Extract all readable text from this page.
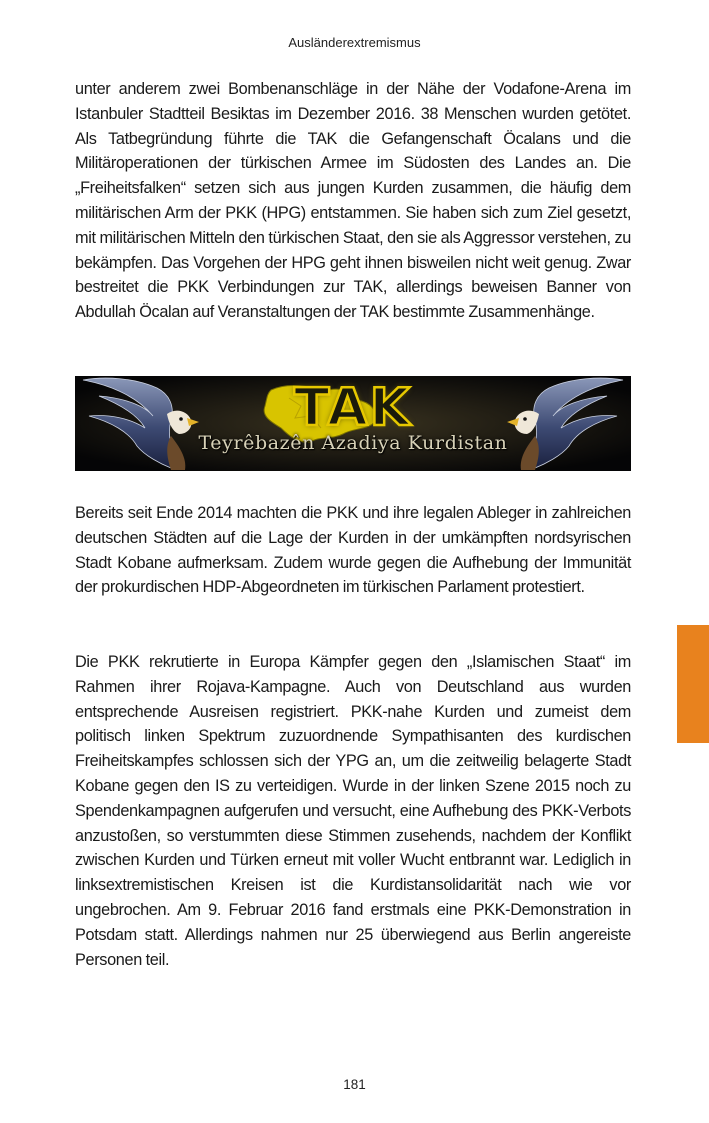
Ausländerextremismus

unter anderem zwei Bombenanschläge in der Nähe der Vodafone-Arena im Istanbuler Stadtteil Besiktas im Dezember 2016. 38 Menschen wurden getötet. Als Tatbegründung führte die TAK die Gefangenschaft Öcalans und die Militäroperationen der türkischen Armee im Südosten des Landes an. Die „Freiheitsfalken“ setzen sich aus jungen Kurden zusammen, die häufig dem militärischen Arm der PKK (HPG) entstammen. Sie haben sich zum Ziel gesetzt, mit militärischen Mitteln den türkischen Staat, den sie als Aggressor verstehen, zu bekämpfen. Das Vorgehen der HPG geht ihnen bisweilen nicht weit genug. Zwar bestreitet die PKK Verbindungen zur TAK, allerdings beweisen Banner von Abdullah Öcalan auf Veranstaltungen der TAK bestimmte Zusammenhänge.

TAK
Teyrêbazên Azadiya Kurdistan

Bereits seit Ende 2014 machten die PKK und ihre legalen Ableger in zahlreichen deutschen Städten auf die Lage der Kurden in der umkämpften nordsyrischen Stadt Kobane aufmerksam. Zudem wurde gegen die Aufhebung der Immunität der prokurdischen HDP-Abgeordneten im türkischen Parlament protestiert.

Die PKK rekrutierte in Europa Kämpfer gegen den „Islamischen Staat“ im Rahmen ihrer Rojava-Kampagne. Auch von Deutschland aus wurden entsprechende Ausreisen registriert. PKK-nahe Kurden und zumeist dem politisch linken Spektrum zuzuordnende Sympathisanten des kurdischen Freiheitskampfes schlossen sich der YPG an, um die zeitweilig belagerte Stadt Kobane gegen den IS zu verteidigen. Wurde in der linken Szene 2015 noch zu Spendenkampagnen aufgerufen und versucht, eine Aufhebung des PKK-Verbots anzustoßen, so verstummten diese Stimmen zusehends, nachdem der Konflikt zwischen Kurden und Türken erneut mit voller Wucht entbrannt war. Lediglich in linksextremistischen Kreisen ist die Kurdistansolidarität nach wie vor ungebrochen. Am 9. Februar 2016 fand erstmals eine PKK-Demonstration in Potsdam statt. Allerdings nahmen nur 25 überwiegend aus Berlin angereiste Personen teil.

181
